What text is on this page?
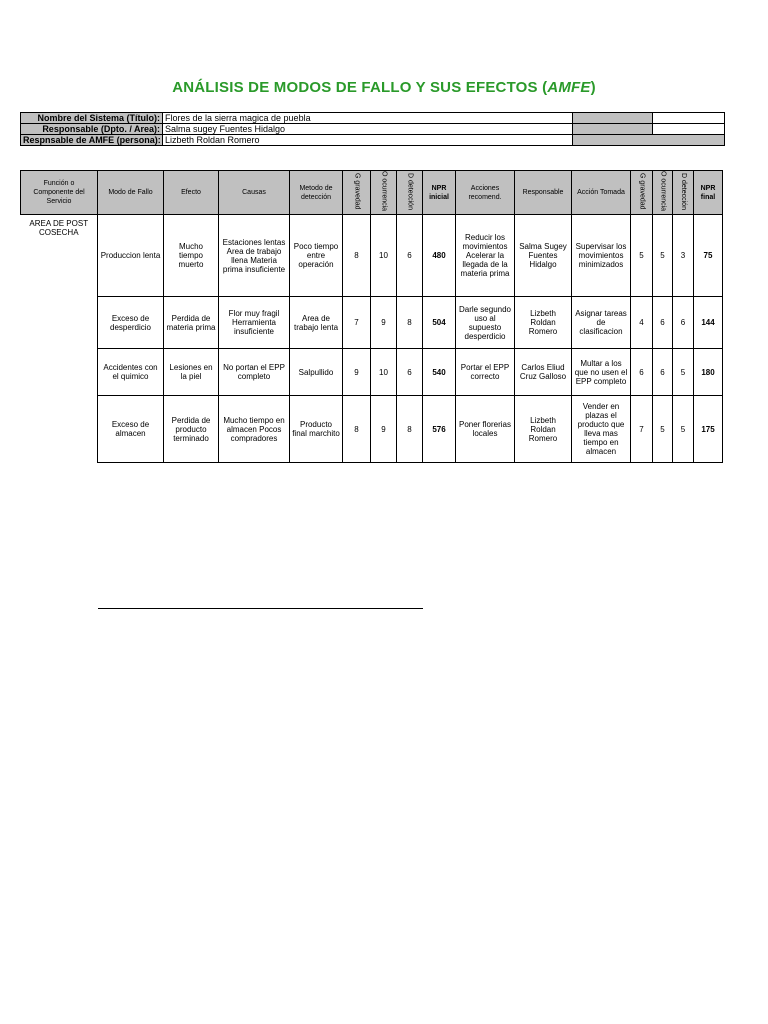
ANÁLISIS DE MODOS DE FALLO Y SUS EFECTOS (AMFE)
Nombre del Sistema (Título):	Flores de la sierra magica de puebla		
Responsable (Dpto. / Area):	Salma sugey Fuentes Hidalgo		
Respnsable de AMFE (persona):	Lizbeth Roldan Romero		
Función o Componente del Servicio	Modo de Fallo	Efecto	Causas	Metodo de detección	G gravedad	O ocurrencia	D detección	NPR inicial	Acciones recomend.	Responsable	Acción Tomada	G gravedad	O ocurrencia	D detección	NPR final
AREA DE POST COSECHA	Produccion lenta	Mucho tiempo muerto	Estaciones lentas Area de trabajo llena Materia prima insuficiente	Poco tiempo entre operación	8	10	6	480	Reducir los movimientos Acelerar la llegada de la materia prima	Salma Sugey Fuentes Hidalgo	Supervisar los movimientos minimizados	5	5	3	75
	Exceso de desperdicio	Perdida de materia prima	Flor muy fragil Herramienta insuficiente	Area de trabajo lenta	7	9	8	504	Darle segundo uso al supuesto desperdicio	Lizbeth Roldan Romero	Asignar tareas de clasificacion	4	6	6	144
	Accidentes con el quimico	Lesiones en la piel	No portan el EPP completo	Salpullido	9	10	6	540	Portar el EPP correcto	Carlos Eliud Cruz Galloso	Multar a los que no usen el EPP completo	6	6	5	180
	Exceso de almacen	Perdida de producto terminado	Mucho tiempo en almacen Pocos compradores	Producto final marchito	8	9	8	576	Poner florerias locales	Lizbeth Roldan Romero	Vender en plazas el producto que lleva mas tiempo en almacen	7	5	5	175
